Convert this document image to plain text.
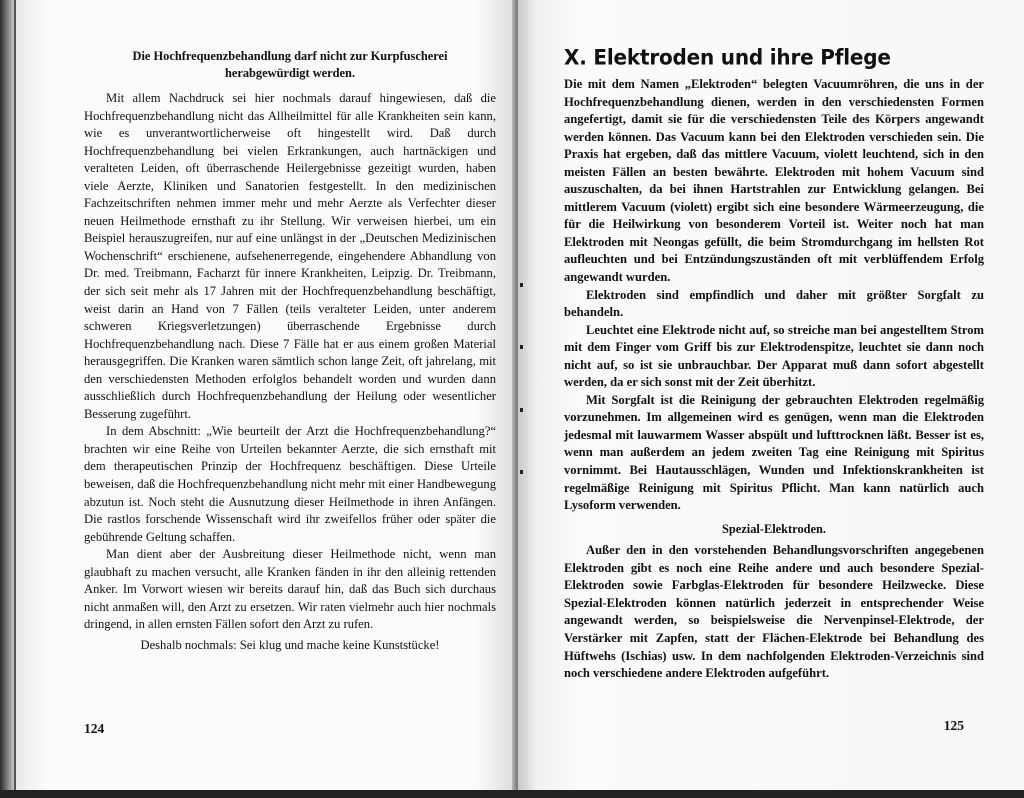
Die Hochfrequenzbehandlung darf nicht zur Kurpfuscherei herabgewürdigt werden.

Mit allem Nachdruck sei hier nochmals darauf hingewiesen, daß die Hochfrequenzbehandlung nicht das Allheilmittel für alle Krankheiten sein kann, wie es unverantwortlicherweise oft hingestellt wird. Daß durch Hochfrequenzbehandlung bei vielen Erkrankungen, auch hartnäckigen und veralteten Leiden, oft überraschende Heilergebnisse gezeitigt wurden, haben viele Aerzte, Kliniken und Sanatorien festgestellt. In den medizinischen Fachzeitschriften nehmen immer mehr und mehr Aerzte als Verfechter dieser neuen Heilmethode ernsthaft zu ihr Stellung. Wir verweisen hierbei, um ein Beispiel herauszugreifen, nur auf eine unlängst in der „Deutschen Medizinischen Wochenschrift“ erschienene, aufsehenerregende, eingehendere Abhandlung von Dr. med. Treibmann, Facharzt für innere Krankheiten, Leipzig. Dr. Treibmann, der sich seit mehr als 17 Jahren mit der Hochfrequenzbehandlung beschäftigt, weist darin an Hand von 7 Fällen (teils veralteter Leiden, unter anderem schweren Kriegsverletzungen) überraschende Ergebnisse durch Hochfrequenzbehandlung nach. Diese 7 Fälle hat er aus einem großen Material herausgegriffen. Die Kranken waren sämtlich schon lange Zeit, oft jahrelang, mit den verschiedensten Methoden erfolglos behandelt worden und wurden dann ausschließlich durch Hochfrequenzbehandlung der Heilung oder wesentlicher Besserung zugeführt.

In dem Abschnitt: „Wie beurteilt der Arzt die Hochfrequenzbehandlung?“ brachten wir eine Reihe von Urteilen bekannter Aerzte, die sich ernsthaft mit dem therapeutischen Prinzip der Hochfrequenz beschäftigen. Diese Urteile beweisen, daß die Hochfrequenzbehandlung nicht mehr mit einer Handbewegung abzutun ist. Noch steht die Ausnutzung dieser Heilmethode in ihren Anfängen. Die rastlos forschende Wissenschaft wird ihr zweifellos früher oder später die gebührende Geltung schaffen.

Man dient aber der Ausbreitung dieser Heilmethode nicht, wenn man glaubhaft zu machen versucht, alle Kranken fänden in ihr den alleinig rettenden Anker. Im Vorwort wiesen wir bereits darauf hin, daß das Buch sich durchaus nicht anmaßen will, den Arzt zu ersetzen. Wir raten vielmehr auch hier nochmals dringend, in allen ernsten Fällen sofort den Arzt zu rufen.

Deshalb nochmals: Sei klug und mache keine Kunststücke!

124
X. Elektroden und ihre Pflege

Die mit dem Namen „Elektroden“ belegten Vacuumröhren, die uns in der Hochfrequenzbehandlung dienen, werden in den verschiedensten Formen angefertigt, damit sie für die verschiedensten Teile des Körpers angewandt werden können. Das Vacuum kann bei den Elektroden verschieden sein. Die Praxis hat ergeben, daß das mittlere Vacuum, violett leuchtend, sich in den meisten Fällen an besten bewährte. Elektroden mit hohem Vacuum sind auszuschalten, da bei ihnen Hartstrahlen zur Entwicklung gelangen. Bei mittlerem Vacuum (violett) ergibt sich eine besondere Wärmeerzeugung, die für die Heilwirkung von besonderem Vorteil ist. Weiter noch hat man Elektroden mit Neongas gefüllt, die beim Stromdurchgang im hellsten Rot aufleuchten und bei Entzündungszuständen oft mit verblüffendem Erfolg angewandt wurden.

Elektroden sind empfindlich und daher mit größter Sorgfalt zu behandeln.

Leuchtet eine Elektrode nicht auf, so streiche man bei angestelltem Strom mit dem Finger vom Griff bis zur Elektrodenspitze, leuchtet sie dann noch nicht auf, so ist sie unbrauchbar. Der Apparat muß dann sofort abgestellt werden, da er sich sonst mit der Zeit überhitzt.

Mit Sorgfalt ist die Reinigung der gebrauchten Elektroden regelmäßig vorzunehmen. Im allgemeinen wird es genügen, wenn man die Elektroden jedesmal mit lauwarmem Wasser abspült und lufttrocknen läßt. Besser ist es, wenn man außerdem an jedem zweiten Tag eine Reinigung mit Spiritus vornimmt. Bei Hautausschlägen, Wunden und Infektionskrankheiten ist regelmäßige Reinigung mit Spiritus Pflicht. Man kann natürlich auch Lysoform verwenden.

Spezial-Elektroden.

Außer den in den vorstehenden Behandlungsvorschriften angegebenen Elektroden gibt es noch eine Reihe andere und auch besondere Spezial-Elektroden sowie Farbglas-Elektroden für besondere Heilzwecke. Diese Spezial-Elektroden können natürlich jederzeit in entsprechender Weise angewandt werden, so beispielsweise die Nervenpinsel-Elektrode, der Verstärker mit Zapfen, statt der Flächen-Elektrode bei Behandlung des Hüftwehs (Ischias) usw. In dem nachfolgenden Elektroden-Verzeichnis sind noch verschiedene andere Elektroden aufgeführt.

125
